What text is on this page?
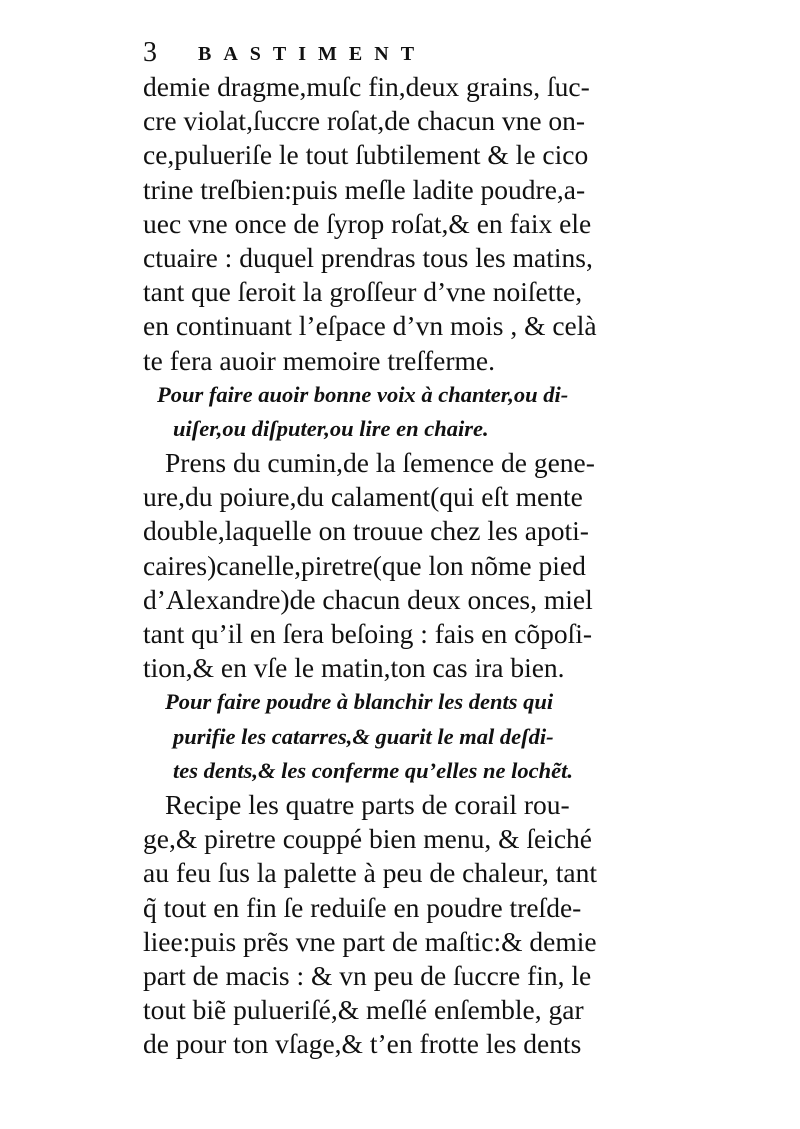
3 BASTIMENT
demie dragme,muſc fin,deux grains, ſuc-
cre violat,ſuccre roſat,de chacun vne on-
ce,pulueriſe le tout ſubtilement & le cico
trine treſbien:puis meſle ladite poudre,a-
uec vne once de ſyrop roſat,& en faix ele
ctuaire : duquel prendras tous les matins,
tant que ſeroit la groſſeur d’vne noiſette,
en continuant l’eſpace d’vn mois , & celà
te fera auoir memoire treſferme.
Pour faire auoir bonne voix à chanter,ou di-
uiſer,ou diſputer,ou lire en chaire.
Prens du cumin,de la ſemence de gene-
ure,du poiure,du calament(qui eſt mente
double,laquelle on trouue chez les apoti-
caires)canelle,piretre(que lon nõme pied
d’Alexandre)de chacun deux onces, miel
tant qu’il en ſera beſoing : fais en cõpoſi-
tion,& en vſe le matin,ton cas ira bien.
Pour faire poudre à blanchir les dents qui
purifie les catarres,& guarit le mal deſdi-
tes dents,& les conferme qu’elles ne lochẽt.
Recipe les quatre parts de corail rou-
ge,& piretre couppé bien menu, & ſeiché
au feu ſus la palette à peu de chaleur, tant
q̃ tout en fin ſe reduiſe en poudre treſde-
liee:puis prẽs vne part de maſtic:& demie
part de macis : & vn peu de ſuccre fin, le
tout biẽ pulueriſé,& meſlé enſemble, gar
de pour ton vſage,& t’en frotte les dents
